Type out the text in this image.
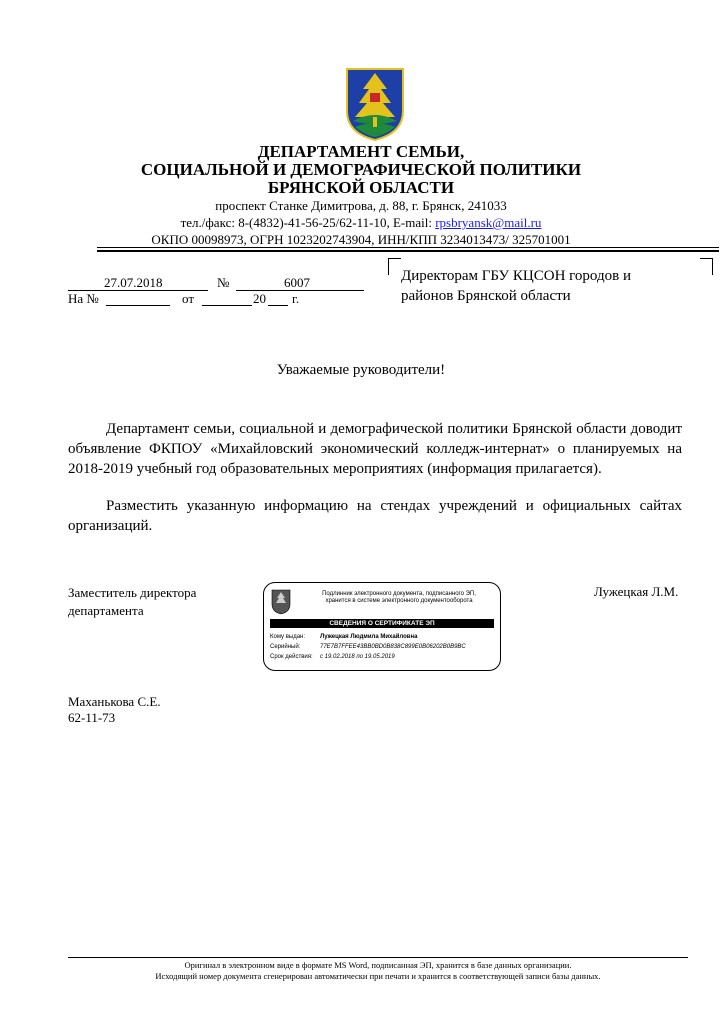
ДЕПАРТАМЕНТ СЕМЬИ,
СОЦИАЛЬНОЙ И ДЕМОГРАФИЧЕСКОЙ ПОЛИТИКИ
БРЯНСКОЙ ОБЛАСТИ
проспект Станке Димитрова, д. 88, г. Брянск, 241033
тел./факс: 8-(4832)-41-56-25/62-11-10, E-mail: rpsbryansk@mail.ru
ОКПО 00098973, ОГРН 1023202743904, ИНН/КПП 3234013473/ 325701001
27.07.2018	№	6007
На №	от	20 г.
Директорам ГБУ КЦСОН городов и
районов Брянской области
Уважаемые руководители!
Департамент семьи, социальной и демографической политики Брянской области доводит объявление ФКПОУ «Михайловский экономический колледж-интернат» о планируемых на 2018-2019 учебный год образовательных мероприятиях (информация прилагается).
Разместить указанную информацию на стендах учреждений и официальных сайтах организаций.
Заместитель директора
департамента
Лужецкая Л.М.
Подлинник электронного документа, подписанного ЭП,
хранится в системе электронного документооборота
СВЕДЕНИЯ О СЕРТИФИКАТЕ ЭП
Кому выдан: Лужецкая Людмила Михайловна
Серийный:	77E7B7FFEE43BB0BD0B838C899E0B06202B0B9BC
Срок действия: с 19.02.2018 по 19.05.2019
Маханькова С.Е.
62-11-73
Оригинал в электронном виде в формате MS Word, подписанная ЭП, хранится в базе данных организации.
Исходящий номер документа сгенерирован автоматически при печати и хранится в соответствующей записи базы данных.
